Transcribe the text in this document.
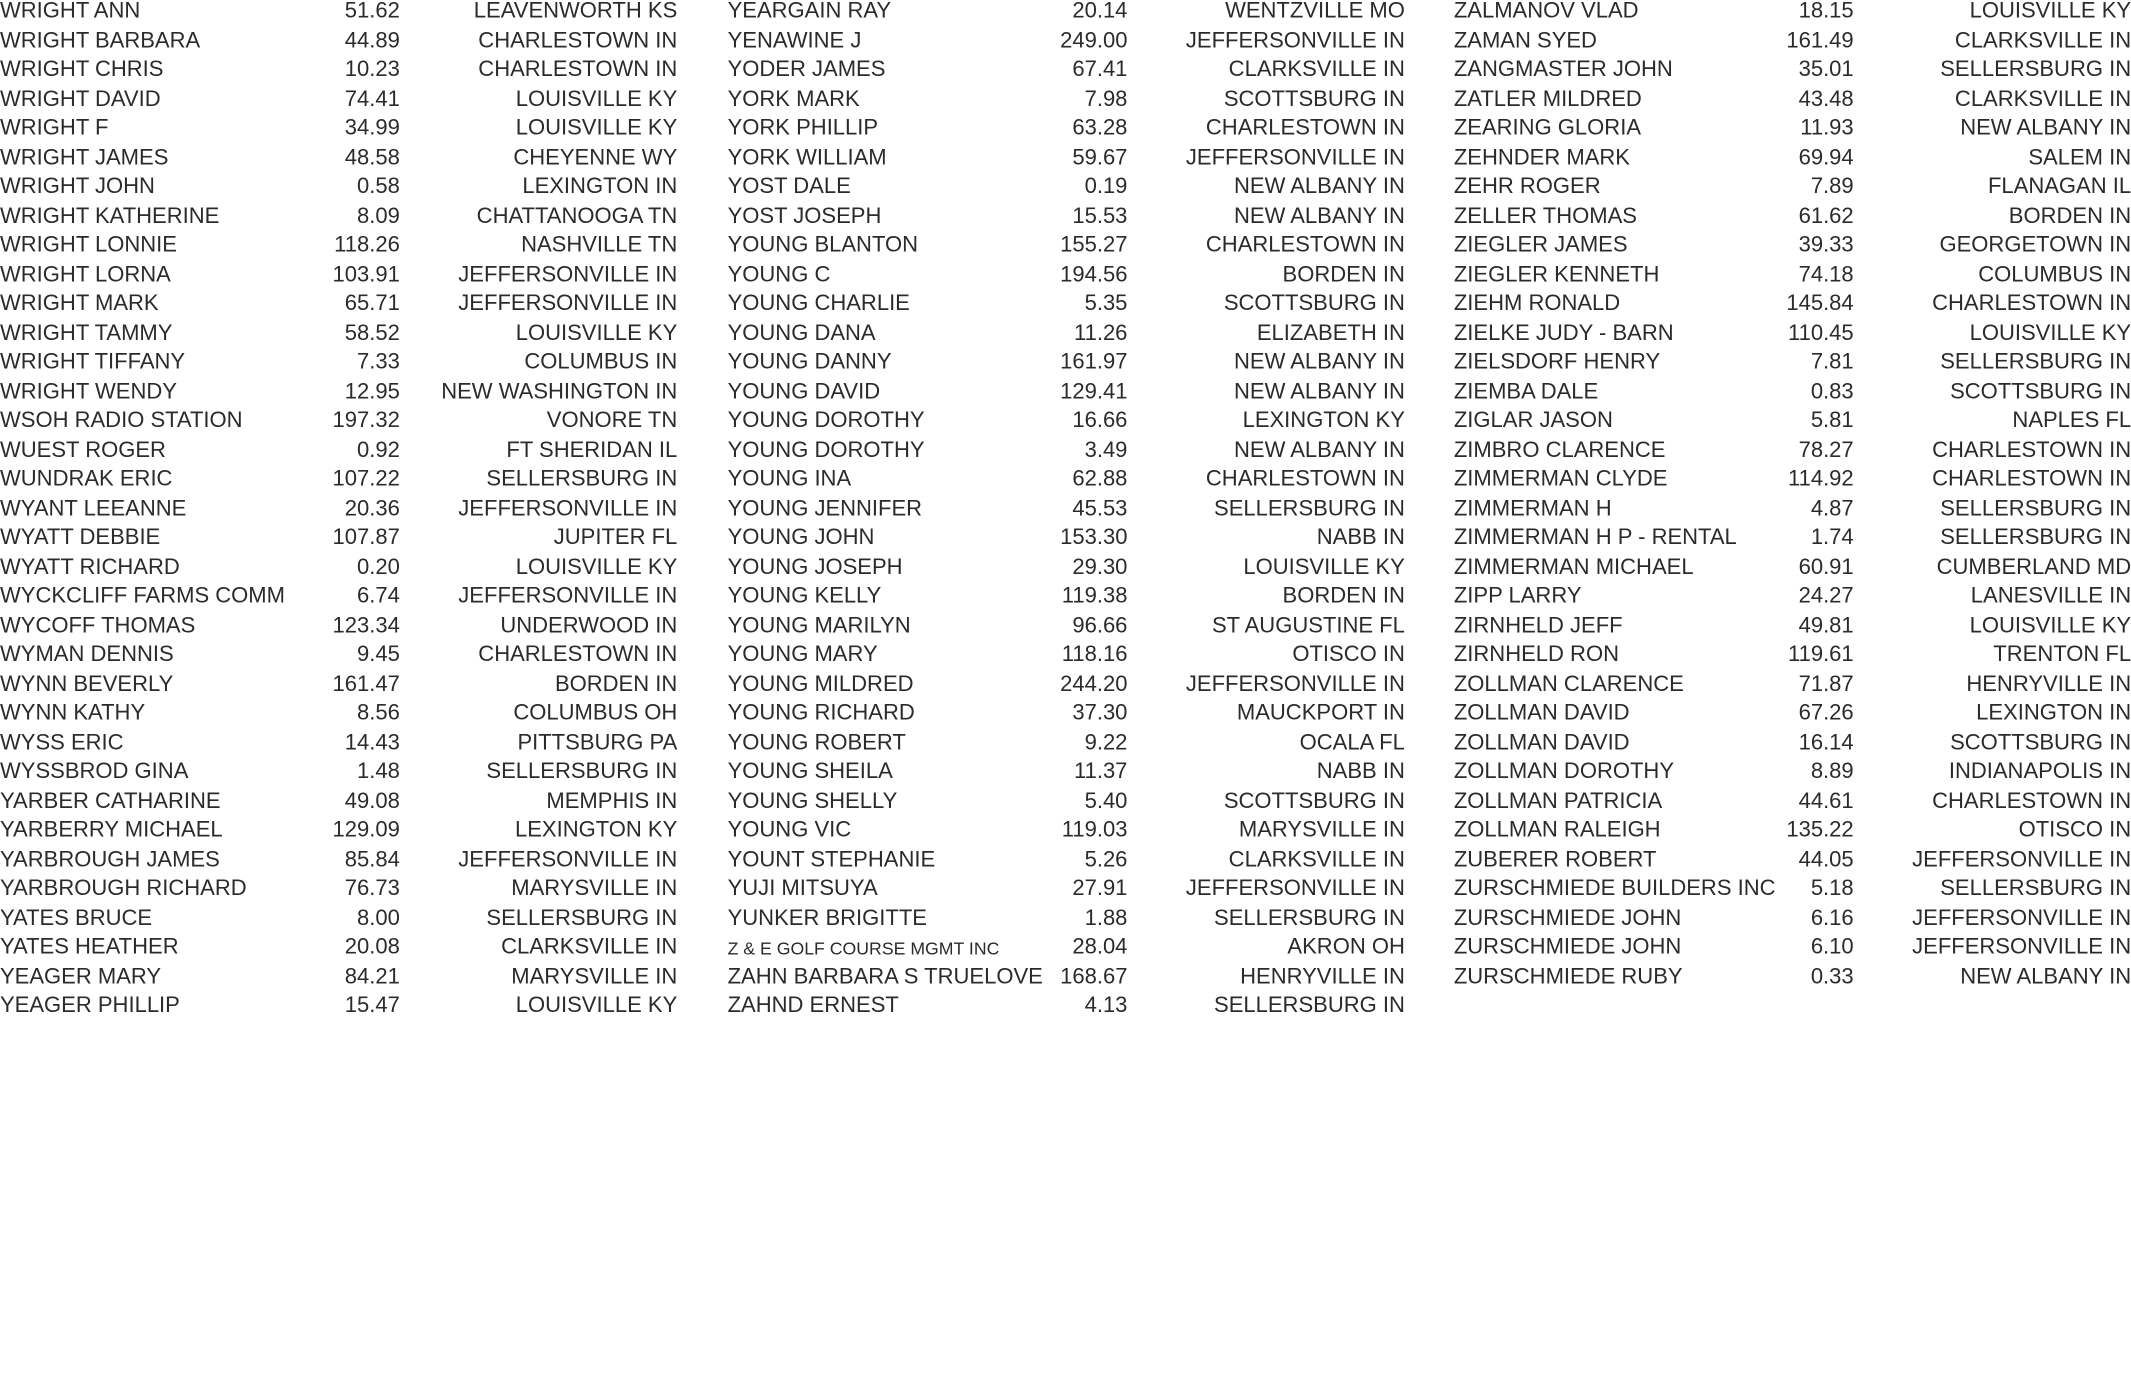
WRIGHT ANN	51.62	LEAVENWORTH KS
WRIGHT BARBARA	44.89	CHARLESTOWN IN
WRIGHT CHRIS	10.23	CHARLESTOWN IN
WRIGHT DAVID	74.41	LOUISVILLE KY
WRIGHT F	34.99	LOUISVILLE KY
WRIGHT JAMES	48.58	CHEYENNE WY
WRIGHT JOHN	0.58	LEXINGTON IN
WRIGHT KATHERINE	8.09	CHATTANOOGA TN
WRIGHT LONNIE	118.26	NASHVILLE TN
WRIGHT LORNA	103.91	JEFFERSONVILLE IN
WRIGHT MARK	65.71	JEFFERSONVILLE IN
WRIGHT TAMMY	58.52	LOUISVILLE KY
WRIGHT TIFFANY	7.33	COLUMBUS IN
WRIGHT WENDY	12.95	NEW WASHINGTON IN
WSOH RADIO STATION	197.32	VONORE TN
WUEST ROGER	0.92	FT SHERIDAN IL
WUNDRAK ERIC	107.22	SELLERSBURG IN
WYANT LEEANNE	20.36	JEFFERSONVILLE IN
WYATT DEBBIE	107.87	JUPITER FL
WYATT RICHARD	0.20	LOUISVILLE KY
WYCKCLIFF FARMS COMM	6.74	JEFFERSONVILLE IN
WYCOFF THOMAS	123.34	UNDERWOOD IN
WYMAN DENNIS	9.45	CHARLESTOWN IN
WYNN BEVERLY	161.47	BORDEN IN
WYNN KATHY	8.56	COLUMBUS OH
WYSS ERIC	14.43	PITTSBURG PA
WYSSBROD GINA	1.48	SELLERSBURG IN
YARBER CATHARINE	49.08	MEMPHIS IN
YARBERRY MICHAEL	129.09	LEXINGTON KY
YARBROUGH JAMES	85.84	JEFFERSONVILLE IN
YARBROUGH RICHARD	76.73	MARYSVILLE IN
YATES BRUCE	8.00	SELLERSBURG IN
YATES HEATHER	20.08	CLARKSVILLE IN
YEAGER MARY	84.21	MARYSVILLE IN
YEAGER PHILLIP	15.47	LOUISVILLE KY
YEARGAIN RAY	20.14	WENTZVILLE MO
YENAWINE J	249.00	JEFFERSONVILLE IN
YODER JAMES	67.41	CLARKSVILLE IN
YORK MARK	7.98	SCOTTSBURG IN
YORK PHILLIP	63.28	CHARLESTOWN IN
YORK WILLIAM	59.67	JEFFERSONVILLE IN
YOST DALE	0.19	NEW ALBANY IN
YOST JOSEPH	15.53	NEW ALBANY IN
YOUNG BLANTON	155.27	CHARLESTOWN IN
YOUNG C	194.56	BORDEN IN
YOUNG CHARLIE	5.35	SCOTTSBURG IN
YOUNG DANA	11.26	ELIZABETH IN
YOUNG DANNY	161.97	NEW ALBANY IN
YOUNG DAVID	129.41	NEW ALBANY IN
YOUNG DOROTHY	16.66	LEXINGTON KY
YOUNG DOROTHY	3.49	NEW ALBANY IN
YOUNG INA	62.88	CHARLESTOWN IN
YOUNG JENNIFER	45.53	SELLERSBURG IN
YOUNG JOHN	153.30	NABB IN
YOUNG JOSEPH	29.30	LOUISVILLE KY
YOUNG KELLY	119.38	BORDEN IN
YOUNG MARILYN	96.66	ST AUGUSTINE FL
YOUNG MARY	118.16	OTISCO IN
YOUNG MILDRED	244.20	JEFFERSONVILLE IN
YOUNG RICHARD	37.30	MAUCKPORT IN
YOUNG ROBERT	9.22	OCALA FL
YOUNG SHEILA	11.37	NABB IN
YOUNG SHELLY	5.40	SCOTTSBURG IN
YOUNG VIC	119.03	MARYSVILLE IN
YOUNT STEPHANIE	5.26	CLARKSVILLE IN
YUJI MITSUYA	27.91	JEFFERSONVILLE IN
YUNKER BRIGITTE	1.88	SELLERSBURG IN
Z & E GOLF COURSE MGMT INC	28.04	AKRON OH
ZAHN BARBARA S TRUELOVE	168.67	HENRYVILLE IN
ZAHND ERNEST	4.13	SELLERSBURG IN
ZALMANOV VLAD	18.15	LOUISVILLE KY
ZAMAN SYED	161.49	CLARKSVILLE IN
ZANGMASTER JOHN	35.01	SELLERSBURG IN
ZATLER MILDRED	43.48	CLARKSVILLE IN
ZEARING GLORIA	11.93	NEW ALBANY IN
ZEHNDER MARK	69.94	SALEM IN
ZEHR ROGER	7.89	FLANAGAN IL
ZELLER THOMAS	61.62	BORDEN IN
ZIEGLER JAMES	39.33	GEORGETOWN IN
ZIEGLER KENNETH	74.18	COLUMBUS IN
ZIEHM RONALD	145.84	CHARLESTOWN IN
ZIELKE JUDY - BARN	110.45	LOUISVILLE KY
ZIELSDORF HENRY	7.81	SELLERSBURG IN
ZIEMBA DALE	0.83	SCOTTSBURG IN
ZIGLAR JASON	5.81	NAPLES FL
ZIMBRO CLARENCE	78.27	CHARLESTOWN IN
ZIMMERMAN CLYDE	114.92	CHARLESTOWN IN
ZIMMERMAN H	4.87	SELLERSBURG IN
ZIMMERMAN H P - RENTAL	1.74	SELLERSBURG IN
ZIMMERMAN MICHAEL	60.91	CUMBERLAND MD
ZIPP LARRY	24.27	LANESVILLE IN
ZIRNHELD JEFF	49.81	LOUISVILLE KY
ZIRNHELD RON	119.61	TRENTON FL
ZOLLMAN CLARENCE	71.87	HENRYVILLE IN
ZOLLMAN DAVID	67.26	LEXINGTON IN
ZOLLMAN DAVID	16.14	SCOTTSBURG IN
ZOLLMAN DOROTHY	8.89	INDIANAPOLIS IN
ZOLLMAN PATRICIA	44.61	CHARLESTOWN IN
ZOLLMAN RALEIGH	135.22	OTISCO IN
ZUBERER ROBERT	44.05	JEFFERSONVILLE IN
ZURSCHMIEDE BUILDERS INC	5.18	SELLERSBURG IN
ZURSCHMIEDE JOHN	6.16	JEFFERSONVILLE IN
ZURSCHMIEDE JOHN	6.10	JEFFERSONVILLE IN
ZURSCHMIEDE RUBY	0.33	NEW ALBANY IN
